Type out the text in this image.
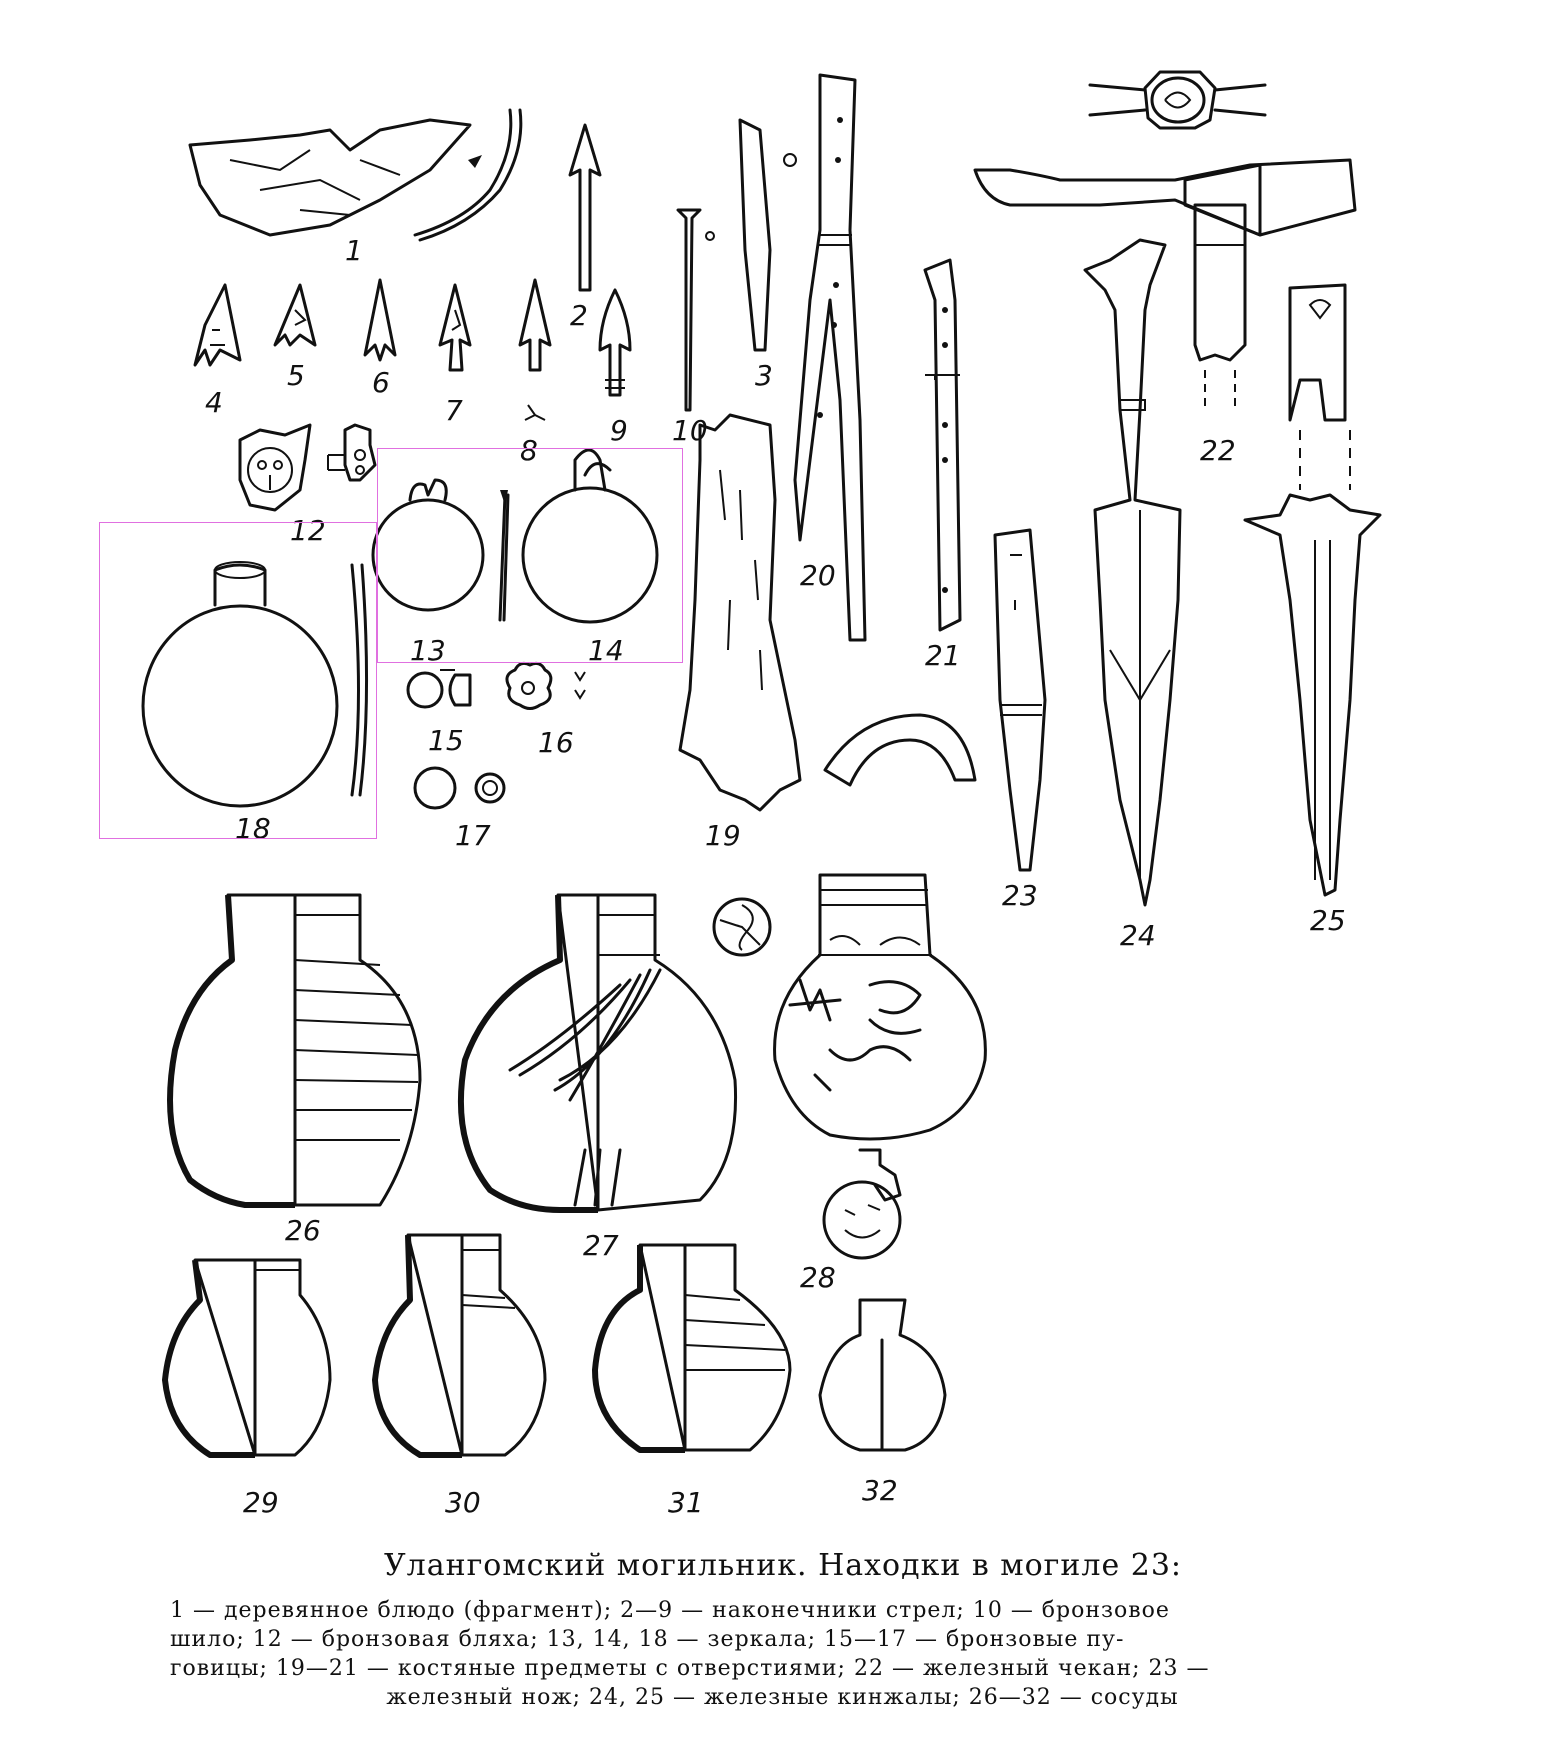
1
2
4
5 6
7
8
9 10
3
20
21
22
12
13	14
15	16
17
18	19
23
24	25
26	27
28
29	30	31	32
Улангомский могильник. Находки в могиле 23:
1 — деревянное блюдо (фрагмент); 2—9 — наконечники стрел; 10 — бронзовое
шило; 12 — бронзовая бляха; 13, 14, 18 — зеркала; 15—17 — бронзовые пу-
говицы; 19—21 — костяные предметы с отверстиями; 22 — железный чекан; 23 —
железный нож; 24, 25 — железные кинжалы; 26—32 — сосуды
